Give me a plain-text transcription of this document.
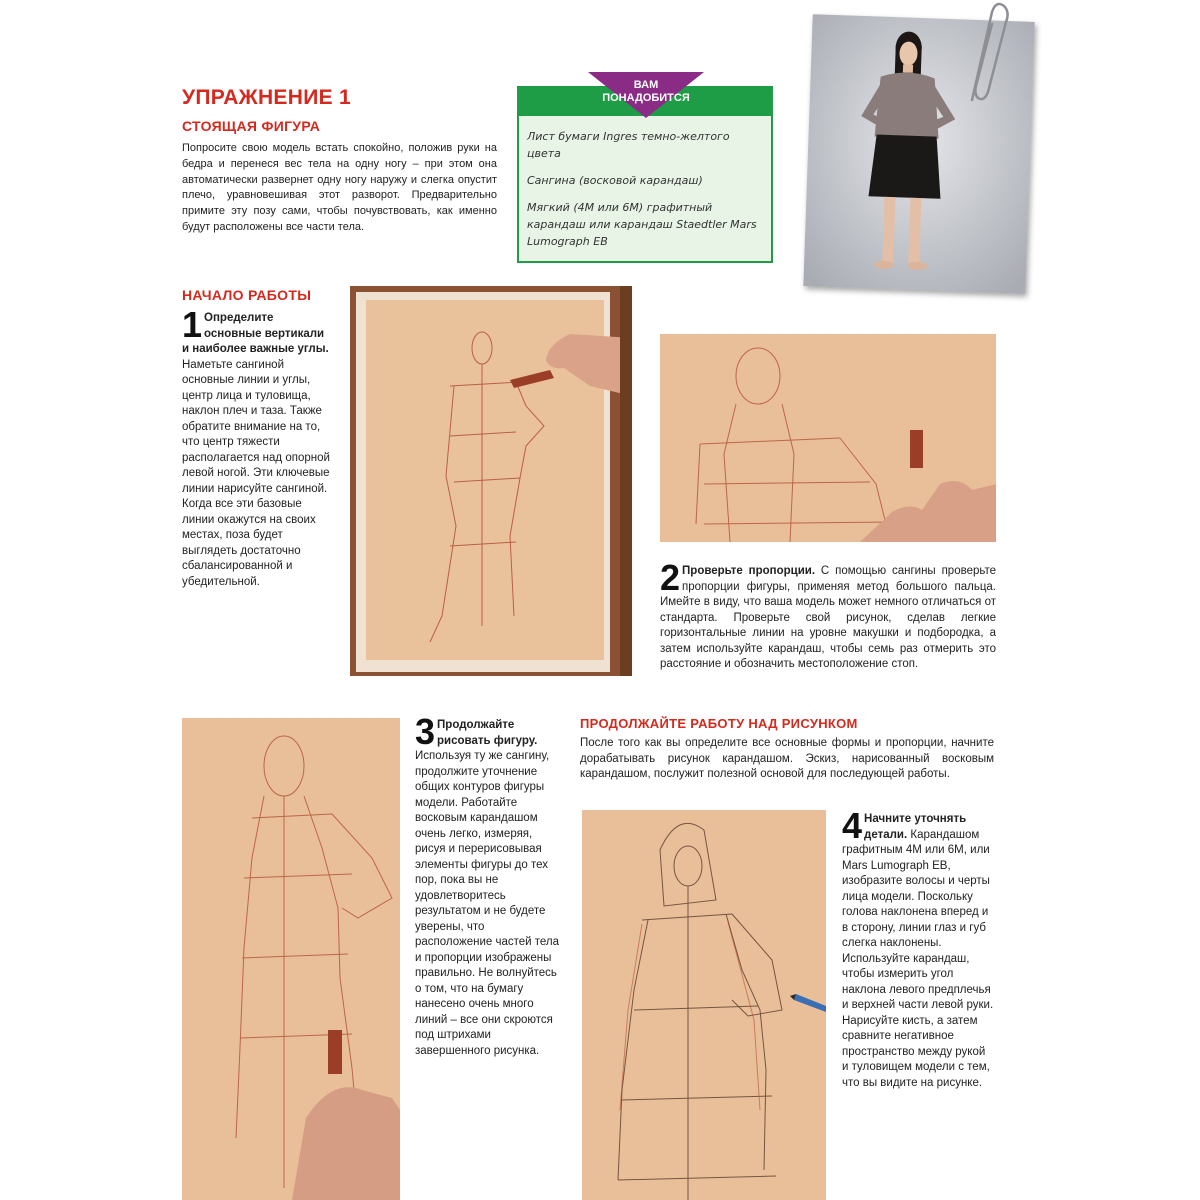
УПРАЖНЕНИЕ 1
СТОЯЩАЯ ФИГУРА
Попросите свою модель встать спокойно, положив руки на бедра и перенеся вес тела на одну ногу – при этом она автоматически развернет одну ногу наружу и слегка опустит плечо, уравновешивая этот разворот. Предварительно примите эту позу сами, чтобы почувствовать, как именно будут расположены все части тела.
ВАМ
ПОНАДОБИТСЯ
Лист бумаги Ingres темно-желтого цвета
Сангина (восковой карандаш)
Мягкий (4М или 6М) графитный карандаш или карандаш Staedtler Mars Lumograph EB
НАЧАЛО РАБОТЫ
1 Определите основные вертикали и наиболее важные углы. Наметьте сангиной основные линии и углы, центр лица и туловища, наклон плеч и таза. Также обратите внимание на то, что центр тяжести располагается над опорной левой ногой. Эти ключевые линии нарисуйте сангиной. Когда все эти базовые линии окажутся на своих местах, поза будет выглядеть достаточно сбалансированной и убедительной.	2 Проверьте пропорции. С помощью сангины проверьте пропорции фигуры, применяя метод большого пальца. Имейте в виду, что ваша модель может немного отличаться от стандарта. Проверьте свой рисунок, сделав легкие горизонтальные линии на уровне макушки и подбородка, а затем используйте карандаш, чтобы семь раз отмерить это расстояние и обозначить местоположение стоп.
3 Продолжайте рисовать фигуру. Используя ту же сангину, продолжите уточнение общих контуров фигуры модели. Работайте восковым карандашом очень легко, измеряя, рисуя и перерисовывая элементы фигуры до тех пор, пока вы не удовлетворитесь результатом и не будете уверены, что расположение частей тела и пропорции изображены правильно. Не волнуйтесь о том, что на бумагу нанесено очень много линий – все они скроются под штрихами завершенного рисунка.
ПРОДОЛЖАЙТЕ РАБОТУ НАД РИСУНКОМ
После того как вы определите все основные формы и пропорции, начните дорабатывать рисунок карандашом. Эскиз, нарисованный восковым карандашом, послужит полезной основой для последующей работы.
4 Начните уточнять детали. Карандашом графитным 4М или 6М, или Mars Lumograph EB, изобразите волосы и черты лица модели. Поскольку голова наклонена вперед и в сторону, линии глаз и губ слегка наклонены. Используйте карандаш, чтобы измерить угол наклона левого предплечья и верхней части левой руки. Нарисуйте кисть, а затем сравните негативное пространство между рукой и туловищем модели с тем, что вы видите на рисунке.
